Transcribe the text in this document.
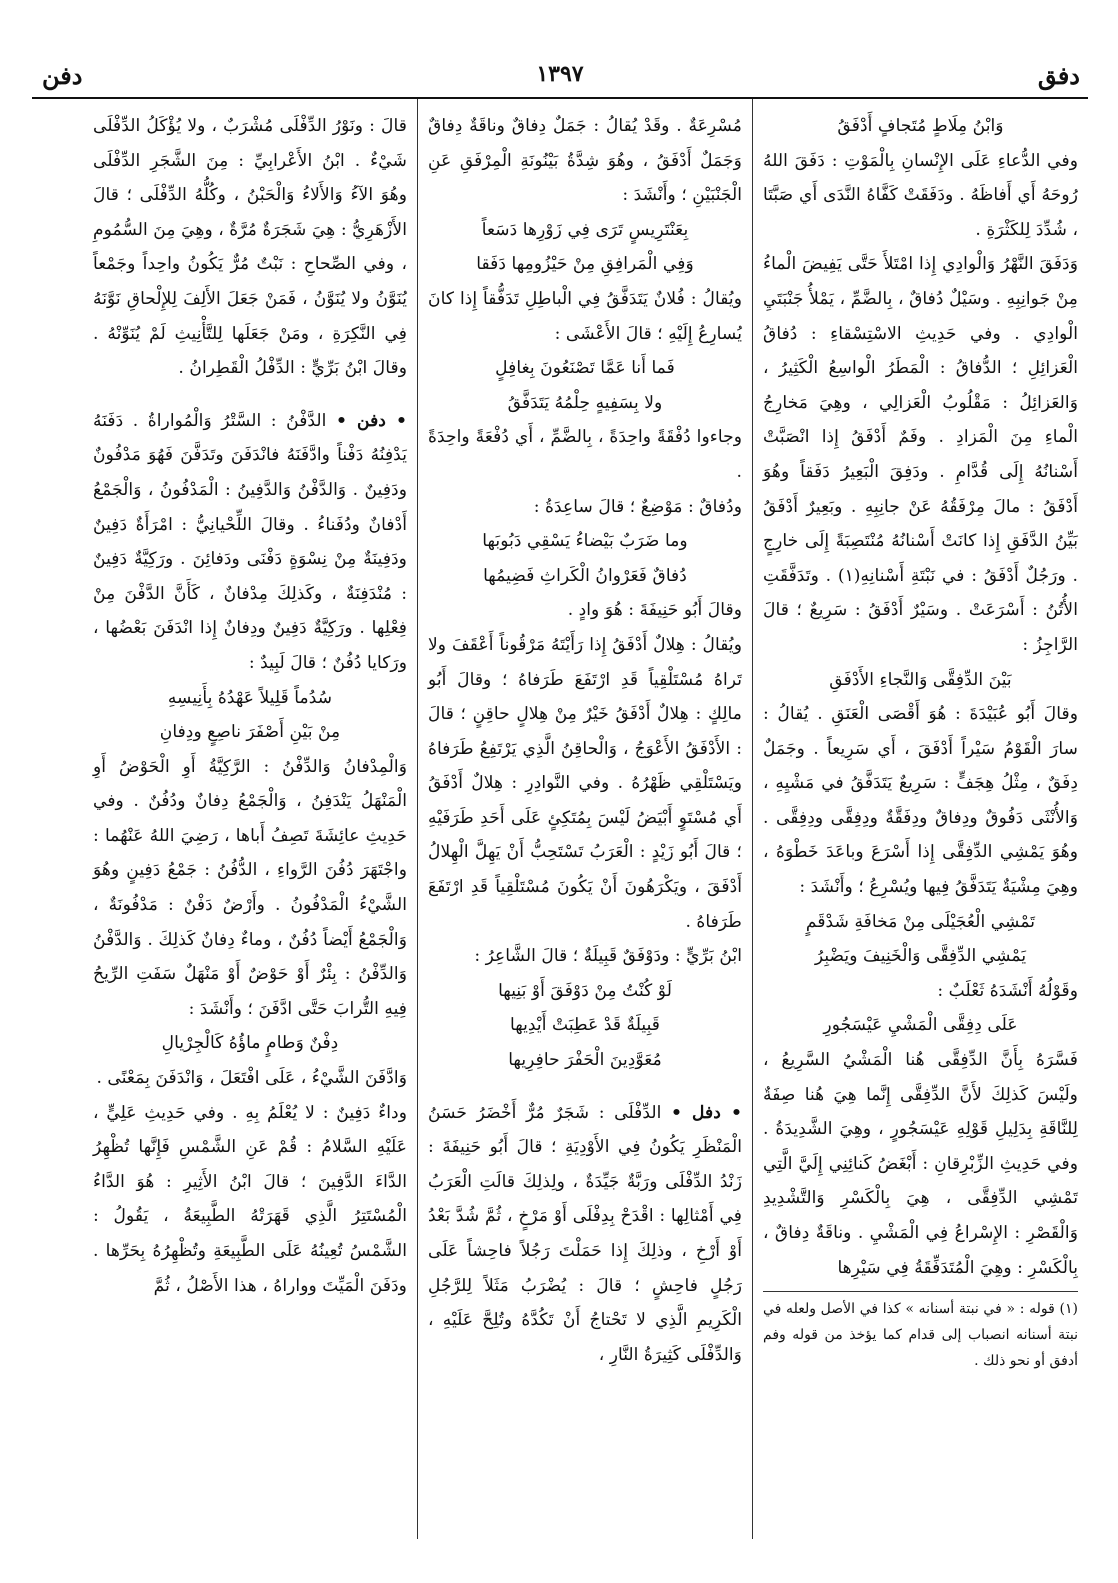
دفق
١٣٩٧
دفن

وَابْنُ مِلَاطٍ مُتَجافٍ أَدْفَقُ

وفي الدُّعاءِ عَلَى الإِنْسانِ بِالْمَوْتِ : دَفَقَ اللهُ رُوحَهُ أَي أَفاظَهُ . ودَفَقَتْ كَفَّاهُ النَّدَى أَي صَبَّتَا ، شُدِّدَ لِلكَثْرَةِ .

وَدَفَقَ النَّهْرُ وَالْوادِي إِذا امْتَلأَ حَتَّى يَفِيضَ الْماءُ مِنْ جَوانِبِهِ . وسَيْلٌ دُفاقٌ ، بِالضَّمِّ ، يَمْلأُ جَنْبَتَيِ الْوادِي . وفي حَدِيثِ الاسْتِسْقاءِ : دُفاقُ الْعَزائِلِ ؛ الدُّفاقُ : الْمَطَرُ الْواسِعُ الْكَثِيرُ ، وَالعَزائِلُ : مَقْلُوبُ الْعَزالِي ، وهِيَ مَخارِجُ الْماءِ مِنَ الْمَزادِ . وفَمٌ أَدْفَقُ إِذا انْصَبَّتْ أَسْنانُهُ إِلَى قُدَّامِ . ودَفِقَ الْبَعِيرُ دَفَقاً وهُوَ أَدْفَقُ : مالَ مِرْفَقُهُ عَنْ جانِبِهِ . وبَعِيرٌ أَدْفَقُ بَيِّنُ الدَّفَقِ إِذا كانَتْ أَسْنانُهُ مُنْتَصِبَةً إِلَى خارِجٍ . ورَجُلٌ أَدْفَقُ : في نَبْتَةِ أَسْنانِهِ(١) . وتَدَفَّقَتِ الأُتُنُ : أَسْرَعَتْ . وسَيْرٌ أَدْفَقُ : سَرِيعٌ ؛ قالَ الرَّاجِزُ :

بَيْنَ الدِّفِقَّى وَالنَّجاءِ الأَدْفَقِ

وقالَ أَبُو عُبَيْدَةَ : هُوَ أَقْصَى الْعَنَقِ . يُقالُ : سارَ الْقَوْمُ سَيْراً أَدْفَقَ ، أَي سَرِيعاً . وجَمَلٌ دِفَقٌ ، مِثْلُ هِجَفٍّ : سَرِيعٌ يَتَدَفَّقُ في مَشْيِهِ ، وَالأُنْثَى دَفُوقٌ ودِفاقٌ ودِفَقَّةٌ ودِفِقَّى ودِفِقَّى . وهُوَ يَمْشِي الدِّفِقَّى إِذا أَسْرَعَ وباعَدَ خَطْوَهُ ، وهِيَ مِشْيَةٌ يَتَدَفَّقُ فِيها ويُسْرِعُ ؛ وأَنْشَدَ :

تَمْشِي الْعُجَيْلَى مِنْ مَخافَةِ شَدْقَمٍ

يَمْشِي الدِّفِقَّى وَالْخَنِيفَ ويَضْبِرُ

وقَوْلُهُ أَنْشَدَهُ ثَعْلَبٌ :

عَلَى دِفِقَّى الْمَشْيِ عَيْسَجُورِ

فَسَّرَهُ بِأَنَّ الدِّفِقَّى هُنا الْمَشْيُ السَّرِيعُ ، ولَيْسَ كَذلِكَ لأَنَّ الدِّفِقَّى إِنَّما هِيَ هُنا صِفَةٌ لِلنَّاقَةِ بِدَلِيلِ قَوْلِهِ عَيْسَجُورٍ ، وهِيَ الشَّدِيدَةُ . وفي حَدِيثِ الزِّبْرِقانِ : أَبْغَضُ كَنائِنِي إِلَيَّ الَّتِي تَمْشِي الدِّفِقَّى ، هِيَ بِالْكَسْرِ وَالتَّشْدِيدِ وَالْقَصْرِ : الإِسْراعُ فِي الْمَشْيِ . وناقَةٌ دِفاقٌ ، بِالْكَسْرِ : وهِيَ الْمُتَدَفِّقَةُ فِي سَيْرِها

(١) قوله : « في نبتة أسنانه » كذا في الأصل ولعله في نبتة أسنانه انصباب إلى قدام كما يؤخذ من قوله وفم أدفق أو نحو ذلك .

مُسْرِعَةٌ . وقَدْ يُقالُ : جَمَلٌ دِفاقٌ وناقَةٌ دِفاقٌ وَجَمَلٌ أَدْفَقُ ، وهُوَ شِدَّةُ بَيْنُونَةِ الْمِرْفَقِ عَنِ الْجَنْبَيْنِ ؛ وأَنْشَدَ :

بِعَنْتَرِيسٍ تَرَى فِي زَوْرِها دَسَعاً

وَفِي الْمَرافِقِ مِنْ حَيْزُومِها دَفَقا

ويُقالُ : فُلانٌ يَتَدَفَّقُ فِي الْباطِلِ تَدَفُّقاً إِذا كانَ يُسارِعُ إِلَيْهِ ؛ قالَ الأَعْشَى :

فَما أَنا عَمَّا تَصْنَعُونَ بِغافِلٍ

ولا بِسَفِيهٍ حِلْمُهُ يَتَدَفَّقُ

وجاءوا دُفْقَةً واحِدَةً ، بِالضَّمِّ ، أَي دُفْعَةً واحِدَةً .

ودُفاقٌ : مَوْضِعٌ ؛ قالَ ساعِدَةُ :

وما ضَرَبٌ بَيْضاءُ يَسْقِي دَبُوبَها

دُفاقٌ فَعَرْوانُ الْكَراثِ فَضِيمُها

وقالَ أَبُو حَنِيفَةَ : هُوَ وادٍ .

ويُقالُ : هِلالٌ أَدْفَقُ إِذا رَأَيْتَهُ مَرْقُوناً أَعْقَفَ ولا تَراهُ مُسْتَلْقِياً قَدِ ارْتَفَعَ طَرَفاهُ ؛ وقالَ أَبُو مالِكٍ : هِلالٌ أَدْفَقُ خَيْرٌ مِنْ هِلالٍ حاقِنٍ ؛ قالَ : الأَدْفَقُ الأَعْوَجُ ، وَالْحاقِنُ الَّذِي يَرْتَفِعُ طَرَفاهُ ويَسْتَلْقِي ظَهْرُهُ . وفي النَّوادِرِ : هِلالٌ أَدْفَقُ أَي مُسْتَوٍ أَبْيَضُ لَيْسَ بِمُتَكِئٍ عَلَى أَحَدِ طَرَفَيْهِ ؛ قالَ أَبُو زَيْدٍ : الْعَرَبُ تَسْتَحِبُّ أَنْ يَهِلَّ الْهِلالُ أَدْفَقَ ، ويَكْرَهُونَ أَنْ يَكُونَ مُسْتَلْقِياً قَدِ ارْتَفَعَ طَرَفاهُ .

ابْنُ بَرِّيٍّ : ودَوْفَقٌ قَبِيلَةٌ ؛ قالَ الشَّاعِرُ :

لَوْ كُنْتُ مِنْ دَوْفَقَ أَوْ بَنِيها

قَبِيلَةٌ قَدْ عَطِبَتْ أَيْدِيها

مُعَوَّدِينَ الْحَفْرَ حافِرِيها

• دفل • الدِّفْلَى : شَجَرٌ مُرٌّ أَخْضَرُ حَسَنُ الْمَنْظَرِ يَكُونُ فِي الأَوْدِيَةِ ؛ قالَ أَبُو حَنِيفَةَ : زَنْدُ الدِّفْلَى ورَبَّةٌ جَيِّدَةٌ ، ولِذلِكَ قالَتِ الْعَرَبُ فِي أَمْثالِها : اقْدَحْ بِدِفْلَى أَوْ مَرْخٍ ، ثُمَّ شُدَّ بَعْدُ أَوْ أَرْخِ ، وذلِكَ إِذا حَمَلْتَ رَجُلاً فاحِشاً عَلَى رَجُلٍ فاحِشٍ ؛ قالَ : يُضْرَبُ مَثَلاً لِلرَّجُلِ الْكَرِيمِ الَّذِي لا تَحْتاجُ أَنْ تَكُدَّهُ وتُلِحَّ عَلَيْهِ ، وَالدِّفْلَى كَثِيرَةُ النَّارِ ،

قالَ : ونَوْرُ الدِّفْلَى مُشْرَبٌ ، ولا يُؤْكَلُ الدِّفْلَى شَيْءٌ . ابْنُ الأَعْرابِيِّ : مِنَ الشَّجَرِ الدِّفْلَى وهُوَ الآءُ وَالأَلاءُ وَالْحَبْنُ ، وكُلُّهُ الدِّفْلَى ؛ قالَ الأَزْهَرِيُّ : هِيَ شَجَرَةٌ مُرَّةٌ ، وهِيَ مِنَ السُّمُومِ ، وفي الصِّحاحِ : نَبْتٌ مُرٌّ يَكُونُ واحِداً وجَمْعاً يُنَوَّنُ ولا يُنَوَّنُ ، فَمَنْ جَعَلَ الأَلِفَ لِلإِلْحاقِ نَوَّنَهُ فِي النَّكِرَةِ ، ومَنْ جَعَلَها لِلتَّأْنِيثِ لَمْ يُنَوِّنْهُ . وقالَ ابْنُ بَرِّيٍّ : الدِّفْلُ الْقَطِرانُ .

• دفن • الدَّفْنُ : السَّتْرُ وَالْمُواراةُ . دَفَنَهُ يَدْفِنُهُ دَفْناً وادَّفَنَهُ فانْدَفَنَ وتَدَفَّنَ فَهُوَ مَدْفُونٌ ودَفِينٌ . وَالدَّفْنُ وَالدَّفِينُ : الْمَدْفُونُ ، وَالْجَمْعُ أَدْفانٌ ودُفَناءُ . وقالَ اللِّحْيانِيُّ : امْرَأَةٌ دَفِينٌ ودَفِينَةٌ مِنْ نِسْوَةٍ دَفْنَى ودَفائِنَ . ورَكِيَّةٌ دَفِينٌ : مُنْدَفِنَةٌ ، وكَذلِكَ مِدْفانٌ ، كَأَنَّ الدَّفْنَ مِنْ فِعْلِها . ورَكِيَّةٌ دَفِينٌ ودِفانٌ إِذا انْدَفَنَ بَعْضُها ، ورَكايا دُفُنٌ ؛ قالَ لَبِيدٌ :

سُدُماً قَلِيلاً عَهْدُهُ بِأَنِيسِهِ

مِنْ بَيْنِ أَصْفَرَ ناصِعٍ ودِفانِ

وَالْمِدْفانُ وَالدِّفْنُ : الرَّكِيَّةُ أَوِ الْحَوْضُ أَوِ الْمَنْهَلُ يَنْدَفِنُ ، وَالْجَمْعُ دِفانٌ ودُفُنٌ . وفي حَدِيثِ عائِشَةَ تَصِفُ أَباها ، رَضِيَ اللهُ عَنْهُما : واجْتَهَرَ دُفُنَ الرَّواءِ ، الدُّفُنُ : جَمْعُ دَفِينٍ وهُوَ الشَّيْءُ الْمَدْفُونُ . وأَرْضٌ دَفْنٌ : مَدْفُونَةٌ ، وَالْجَمْعُ أَيْضاً دُفُنٌ ، وماءٌ دِفانٌ كَذلِكَ . وَالدَّفْنُ وَالدِّفْنُ : بِئْرٌ أَوْ حَوْضٌ أَوْ مَنْهَلٌ سَفَتِ الرِّيحُ فِيهِ التُّرابَ حَتَّى ادَّفَنَ ؛ وأَنْشَدَ :

دِفْنٌ وَطامٍ ماؤُهُ كَالْجِرْيالِ

وَادَّفَنَ الشَّيْءُ ، عَلَى افْتَعَلَ ، وَانْدَفَنَ بِمَعْنًى .

وداءٌ دَفِينٌ : لا يُعْلَمُ بِهِ . وفي حَدِيثِ عَلِيٍّ ، عَلَيْهِ السَّلامُ : قُمْ عَنِ الشَّمْسِ فَإِنَّها تُظْهِرُ الدَّاءَ الدَّفِينَ ؛ قالَ ابْنُ الأَثِيرِ : هُوَ الدَّاءُ الْمُسْتَتِرُ الَّذِي قَهَرَتْهُ الطَّبِيعَةُ ، يَقُولُ : الشَّمْسُ تُعِينُهُ عَلَى الطَّبِيعَةِ وتُظْهِرُهُ بِحَرِّها . ودَفَنَ الْمَيِّتَ وواراهُ ، هذا الأَصْلُ ، ثُمَّ
